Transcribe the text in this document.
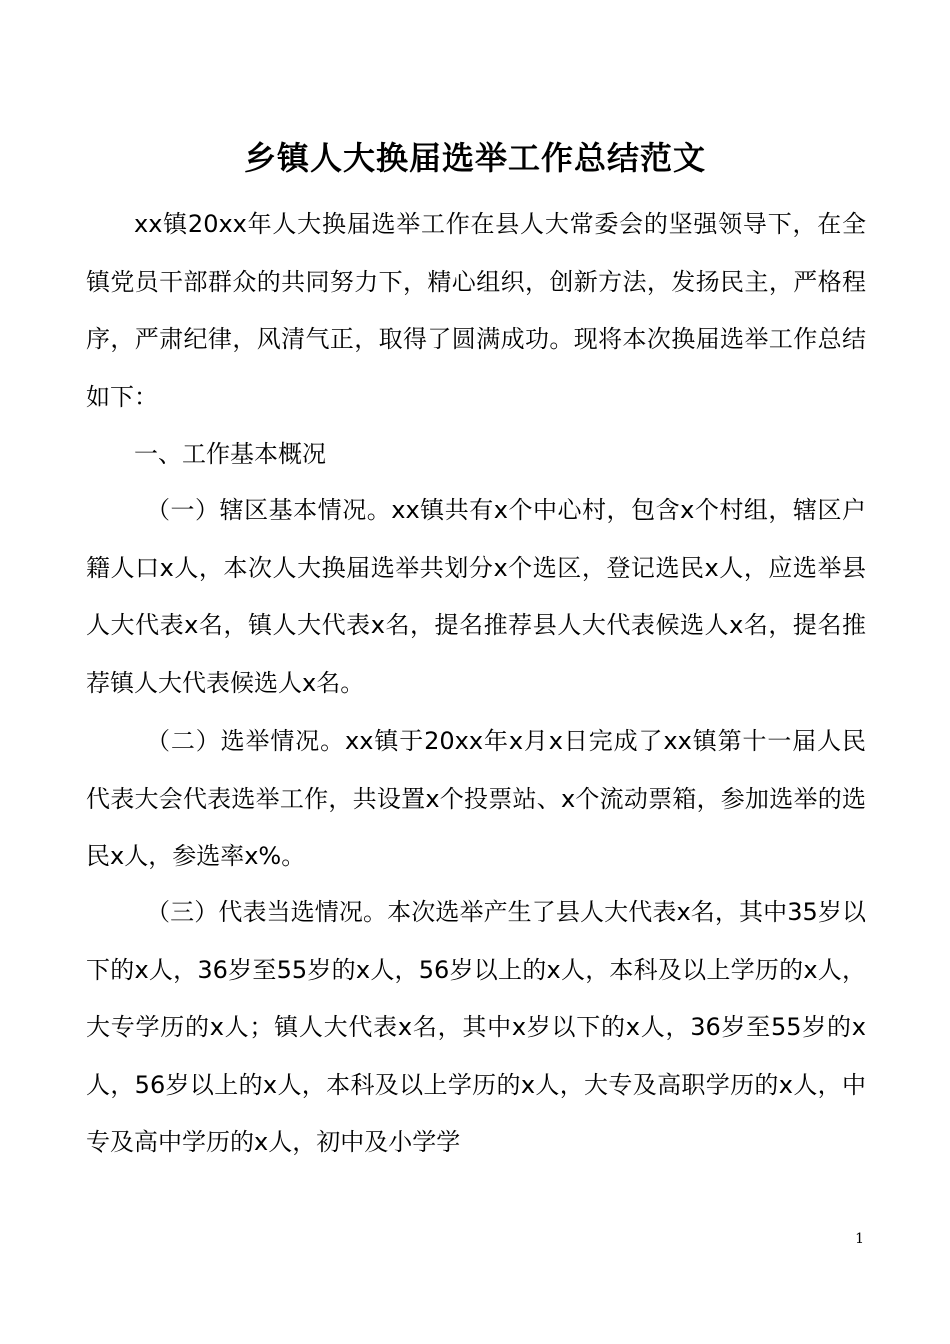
乡镇人大换届选举工作总结范文

xx镇20xx年人大换届选举工作在县人大常委会的坚强领导下，在全镇党员干部群众的共同努力下，精心组织，创新方法，发扬民主，严格程序，严肃纪律，风清气正，取得了圆满成功。现将本次换届选举工作总结如下：

一、工作基本概况

（一）辖区基本情况。xx镇共有x个中心村，包含x个村组，辖区户籍人口x人，本次人大换届选举共划分x个选区，登记选民x人，应选举县人大代表x名，镇人大代表x名，提名推荐县人大代表候选人x名，提名推荐镇人大代表候选人x名。

（二）选举情况。xx镇于20xx年x月x日完成了xx镇第十一届人民代表大会代表选举工作，共设置x个投票站、x个流动票箱，参加选举的选民x人，参选率x%。

（三）代表当选情况。本次选举产生了县人大代表x名，其中35岁以下的x人，36岁至55岁的x人，56岁以上的x人，本科及以上学历的x人，大专学历的x人；镇人大代表x名，其中x岁以下的x人，36岁至55岁的x人，56岁以上的x人，本科及以上学历的x人，大专及高职学历的x人，中专及高中学历的x人，初中及小学学

1
